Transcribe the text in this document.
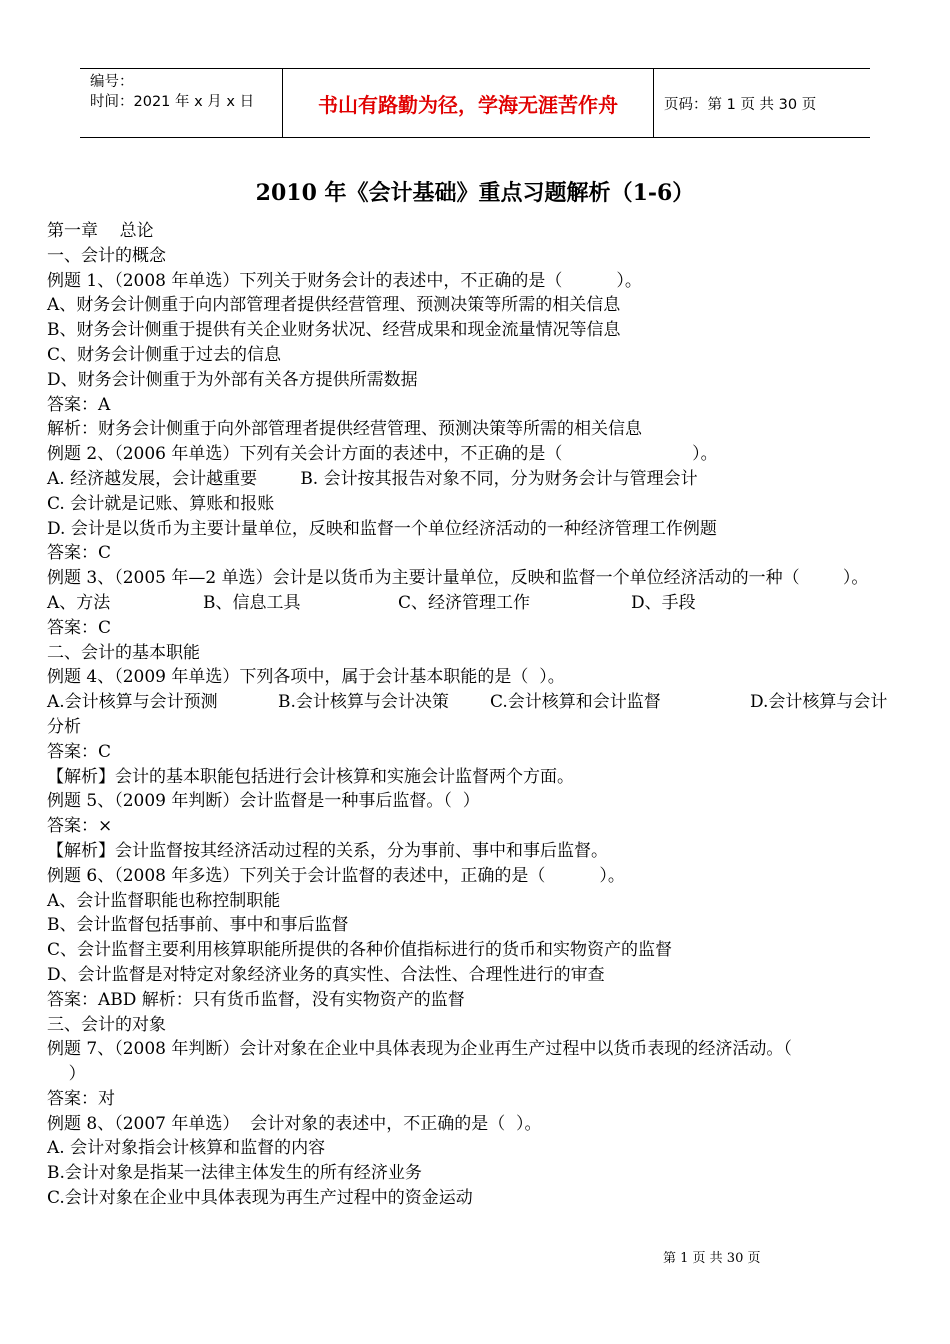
编号：
时间：2021 年 x 月 x 日	书山有路勤为径，学海无涯苦作舟	页码：第 1 页 共 30 页
2010 年《会计基础》重点习题解析（1-6）
第一章    总论
一、会计的概念
例题 1、（2008 年单选）下列关于财务会计的表述中，不正确的是（          ）。
A、财务会计侧重于向内部管理者提供经营管理、预测决策等所需的相关信息
B、财务会计侧重于提供有关企业财务状况、经营成果和现金流量情况等信息
C、财务会计侧重于过去的信息
D、财务会计侧重于为外部有关各方提供所需数据
答案：A
解析：财务会计侧重于向外部管理者提供经营管理、预测决策等所需的相关信息
例题 2、（2006 年单选）下列有关会计方面的表述中，不正确的是（                        ）。
A. 经济越发展，会计越重要        B. 会计按其报告对象不同，分为财务会计与管理会计
C. 会计就是记账、算账和报账
D. 会计是以货币为主要计量单位，反映和监督一个单位经济活动的一种经济管理工作例题
答案：C
例题 3、（2005 年—2 单选）会计是以货币为主要计量单位，反映和监督一个单位经济活动的一种（        ）。
A、方法	B、信息工具	C、经济管理工作	D、手段
答案：C
二、会计的基本职能
例题 4、（2009 年单选）下列各项中，属于会计基本职能的是（  ）。
A.会计核算与会计预测	B.会计核算与会计决策	C.会计核算和会计监督	D.会计核算与会计
分析
答案：C
【解析】会计的基本职能包括进行会计核算和实施会计监督两个方面。
例题 5、（2009 年判断）会计监督是一种事后监督。（  ）
答案：×
【解析】会计监督按其经济活动过程的关系，分为事前、事中和事后监督。
例题 6、（2008 年多选）下列关于会计监督的表述中，正确的是（          ）。
A、会计监督职能也称控制职能
B、会计监督包括事前、事中和事后监督
C、会计监督主要利用核算职能所提供的各种价值指标进行的货币和实物资产的监督
D、会计监督是对特定对象经济业务的真实性、合法性、合理性进行的审查
答案：ABD 解析：只有货币监督，没有实物资产的监督
三、会计的对象
例题 7、（2008 年判断）会计对象在企业中具体表现为企业再生产过程中以货币表现的经济活动。（
）
答案：对
例题 8、（2007 年单选）  会计对象的表述中，不正确的是（  ）。
A. 会计对象指会计核算和监督的内容
B.会计对象是指某一法律主体发生的所有经济业务
C.会计对象在企业中具体表现为再生产过程中的资金运动
第 1 页 共 30 页
